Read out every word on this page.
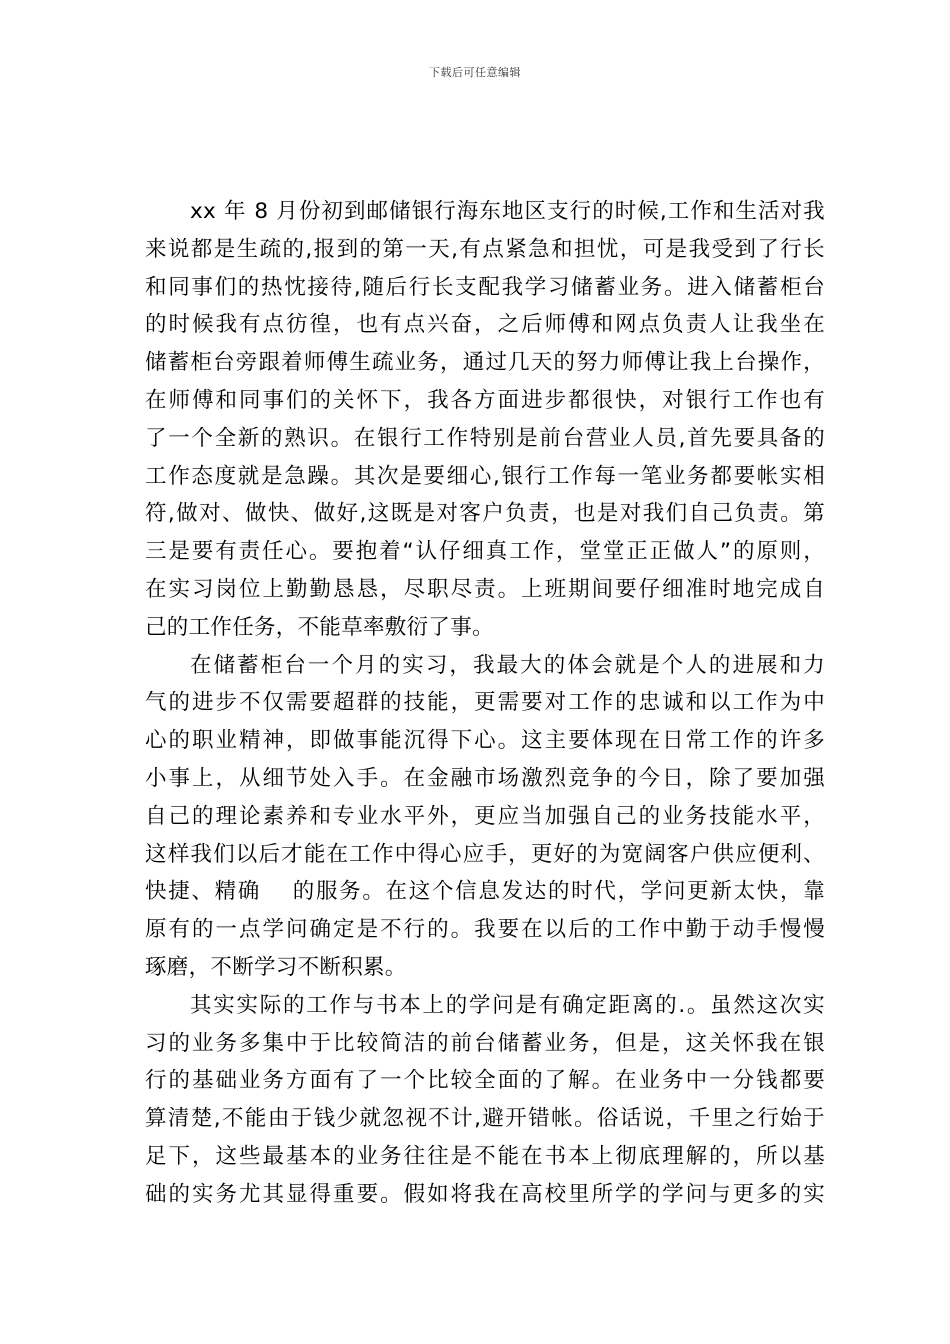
下载后可任意编辑
xx 年 8 月份初到邮储银行海东地区支行的时候,工作和生活对我
来说都是生疏的,报到的第一天,有点紧急和担忧，可是我受到了行长
和同事们的热忱接待,随后行长支配我学习储蓄业务。进入储蓄柜台
的时候我有点彷徨，也有点兴奋，之后师傅和网点负责人让我坐在
储蓄柜台旁跟着师傅生疏业务，通过几天的努力师傅让我上台操作，
在师傅和同事们的关怀下，我各方面进步都很快，对银行工作也有
了一个全新的熟识。在银行工作特别是前台营业人员,首先要具备的
工作态度就是急躁。其次是要细心,银行工作每一笔业务都要帐实相
符,做对、做快、做好,这既是对客户负责，也是对我们自己负责。第
三是要有责任心。要抱着“认仔细真工作，堂堂正正做人”的原则，
在实习岗位上勤勤恳恳，尽职尽责。上班期间要仔细准时地完成自
己的工作任务，不能草率敷衍了事。
在储蓄柜台一个月的实习，我最大的体会就是个人的进展和力
气的进步不仅需要超群的技能，更需要对工作的忠诚和以工作为中
心的职业精神，即做事能沉得下心。这主要体现在日常工作的许多
小事上，从细节处入手。在金融市场激烈竞争的今日，除了要加强
自己的理论素养和专业水平外，更应当加强自己的业务技能水平，
这样我们以后才能在工作中得心应手，更好的为宽阔客户供应便利、
快捷、精确　 的服务。在这个信息发达的时代，学问更新太快，靠
原有的一点学问确定是不行的。我要在以后的工作中勤于动手慢慢
琢磨，不断学习不断积累。
其实实际的工作与书本上的学问是有确定距离的.。虽然这次实
习的业务多集中于比较简洁的前台储蓄业务，但是，这关怀我在银
行的基础业务方面有了一个比较全面的了解。在业务中一分钱都要
算清楚,不能由于钱少就忽视不计,避开错帐。俗话说，千里之行始于
足下，这些最基本的业务往往是不能在书本上彻底理解的，所以基
础的实务尤其显得重要。假如将我在高校里所学的学问与更多的实
